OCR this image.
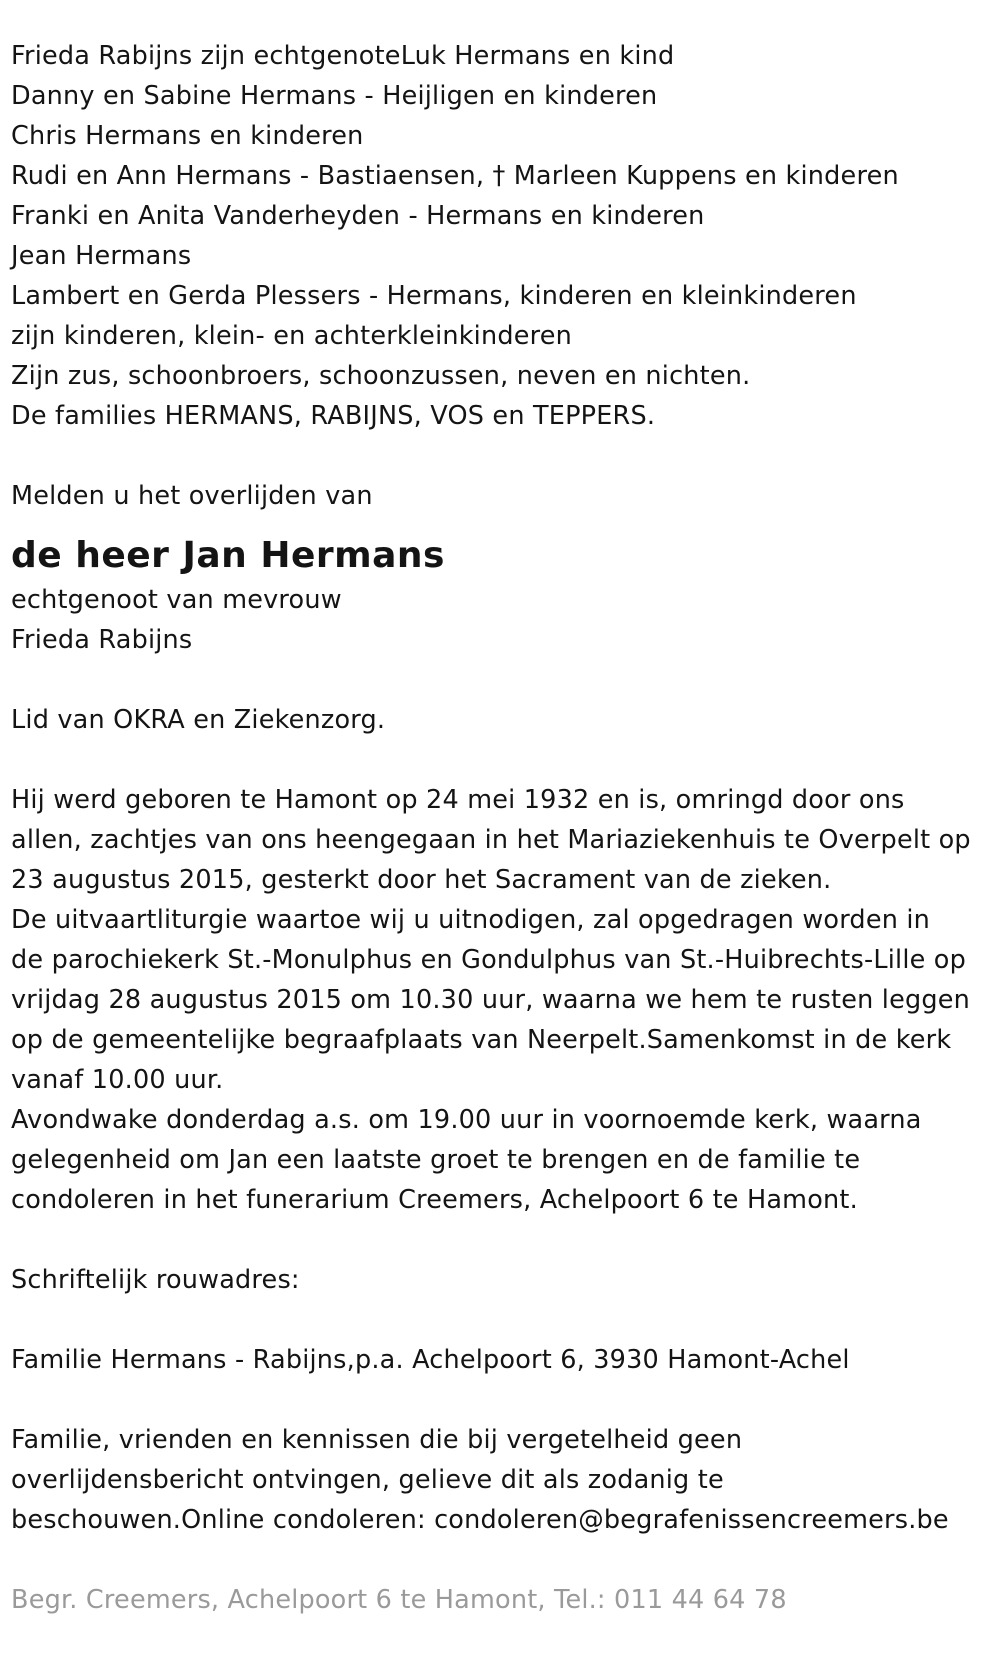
Frieda Rabijns zijn echtgenoteLuk Hermans en kind
Danny en Sabine Hermans - Heijligen en kinderen
Chris Hermans en kinderen
Rudi en Ann Hermans - Bastiaensen, † Marleen Kuppens en kinderen
Franki en Anita Vanderheyden - Hermans en kinderen
Jean Hermans
Lambert en Gerda Plessers - Hermans, kinderen en kleinkinderen
zijn kinderen, klein- en achterkleinkinderen
Zijn zus, schoonbroers, schoonzussen, neven en nichten.
De families HERMANS, RABIJNS, VOS en TEPPERS.
Melden u het overlijden van
de heer Jan Hermans
echtgenoot van mevrouw
Frieda Rabijns
Lid van OKRA en Ziekenzorg.
Hij werd geboren te Hamont op 24 mei 1932 en is, omringd door ons
allen, zachtjes van ons heengegaan in het Mariaziekenhuis te Overpelt op
23 augustus 2015, gesterkt door het Sacrament van de zieken.
De uitvaartliturgie waartoe wij u uitnodigen, zal opgedragen worden in
de parochiekerk St.-Monulphus en Gondulphus van St.-Huibrechts-Lille op
vrijdag 28 augustus 2015 om 10.30 uur, waarna we hem te rusten leggen
op de gemeentelijke begraafplaats van Neerpelt.Samenkomst in de kerk
vanaf 10.00 uur.
Avondwake donderdag a.s. om 19.00 uur in voornoemde kerk, waarna
gelegenheid om Jan een laatste groet te brengen en de familie te
condoleren in het funerarium Creemers, Achelpoort 6 te Hamont.
Schriftelijk rouwadres:
Familie Hermans - Rabijns,p.a. Achelpoort 6, 3930 Hamont-Achel
Familie, vrienden en kennissen die bij vergetelheid geen
overlijdensbericht ontvingen, gelieve dit als zodanig te
beschouwen.Online condoleren: condoleren@begrafenissencreemers.be
Begr. Creemers, Achelpoort 6 te Hamont, Tel.: 011 44 64 78
